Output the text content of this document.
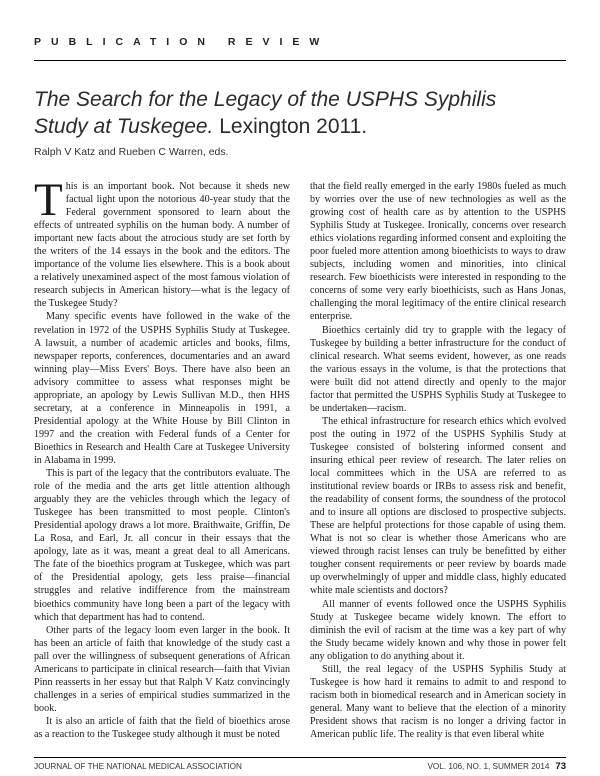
PUBLICATION REVIEW
The Search for the Legacy of the USPHS Syphilis Study at Tuskegee. Lexington 2011.
Ralph V Katz and Rueben C Warren, eds.

This is an important book. Not because it sheds new factual light upon the notorious 40-year study that the Federal government sponsored to learn about the effects of untreated syphilis on the human body. A number of important new facts about the atrocious study are set forth by the writers of the 14 essays in the book and the editors. The importance of the volume lies elsewhere. This is a book about a relatively unexamined aspect of the most famous violation of research subjects in American history—what is the legacy of the Tuskegee Study?

Many specific events have followed in the wake of the revelation in 1972 of the USPHS Syphilis Study at Tuskegee. A lawsuit, a number of academic articles and books, films, newspaper reports, conferences, documentaries and an award winning play—Miss Evers' Boys. There have also been an advisory committee to assess what responses might be appropriate, an apology by Lewis Sullivan M.D., then HHS secretary, at a conference in Minneapolis in 1991, a Presidential apology at the White House by Bill Clinton in 1997 and the creation with Federal funds of a Center for Bioethics in Research and Health Care at Tuskegee University in Alabama in 1999.

This is part of the legacy that the contributors evaluate. The role of the media and the arts get little attention although arguably they are the vehicles through which the legacy of Tuskegee has been transmitted to most people. Clinton's Presidential apology draws a lot more. Braithwaite, Griffin, De La Rosa, and Earl, Jr. all concur in their essays that the apology, late as it was, meant a great deal to all Americans. The fate of the bioethics program at Tuskegee, which was part of the Presidential apology, gets less praise—financial struggles and relative indifference from the mainstream bioethics community have long been a part of the legacy with which that department has had to contend.

Other parts of the legacy loom even larger in the book. It has been an article of faith that knowledge of the study cast a pall over the willingness of subsequent generations of African Americans to participate in clinical research—faith that Vivian Pinn reasserts in her essay but that Ralph V Katz convincingly challenges in a series of empirical studies summarized in the book.

It is also an article of faith that the field of bioethics arose as a reaction to the Tuskegee study although it must be noted

that the field really emerged in the early 1980s fueled as much by worries over the use of new technologies as well as the growing cost of health care as by attention to the USPHS Syphilis Study at Tuskegee. Ironically, concerns over research ethics violations regarding informed consent and exploiting the poor fueled more attention among bioethicists to ways to draw subjects, including women and minorities, into clinical research. Few bioethicists were interested in responding to the concerns of some very early bioethicists, such as Hans Jonas, challenging the moral legitimacy of the entire clinical research enterprise.

Bioethics certainly did try to grapple with the legacy of Tuskegee by building a better infrastructure for the conduct of clinical research. What seems evident, however, as one reads the various essays in the volume, is that the protections that were built did not attend directly and openly to the major factor that permitted the USPHS Syphilis Study at Tuskegee to be undertaken—racism.

The ethical infrastructure for research ethics which evolved post the outing in 1972 of the USPHS Syphilis Study at Tuskegee consisted of bolstering informed consent and insuring ethical peer review of research. The later relies on local committees which in the USA are referred to as institutional review boards or IRBs to assess risk and benefit, the readability of consent forms, the soundness of the protocol and to insure all options are disclosed to prospective subjects. These are helpful protections for those capable of using them. What is not so clear is whether those Americans who are viewed through racist lenses can truly be benefitted by either tougher consent requirements or peer review by boards made up overwhelmingly of upper and middle class, highly educated white male scientists and doctors?

All manner of events followed once the USPHS Syphilis Study at Tuskegee became widely known. The effort to diminish the evil of racism at the time was a key part of why the Study became widely known and why those in power felt any obligation to do anything about it.

Still, the real legacy of the USPHS Syphilis Study at Tuskegee is how hard it remains to admit to and respond to racism both in biomedical research and in American society in general. Many want to believe that the election of a minority President shows that racism is no longer a driving factor in American public life. The reality is that even liberal white

JOURNAL OF THE NATIONAL MEDICAL ASSOCIATION	VOL. 106, NO. 1, SUMMER 2014 73
